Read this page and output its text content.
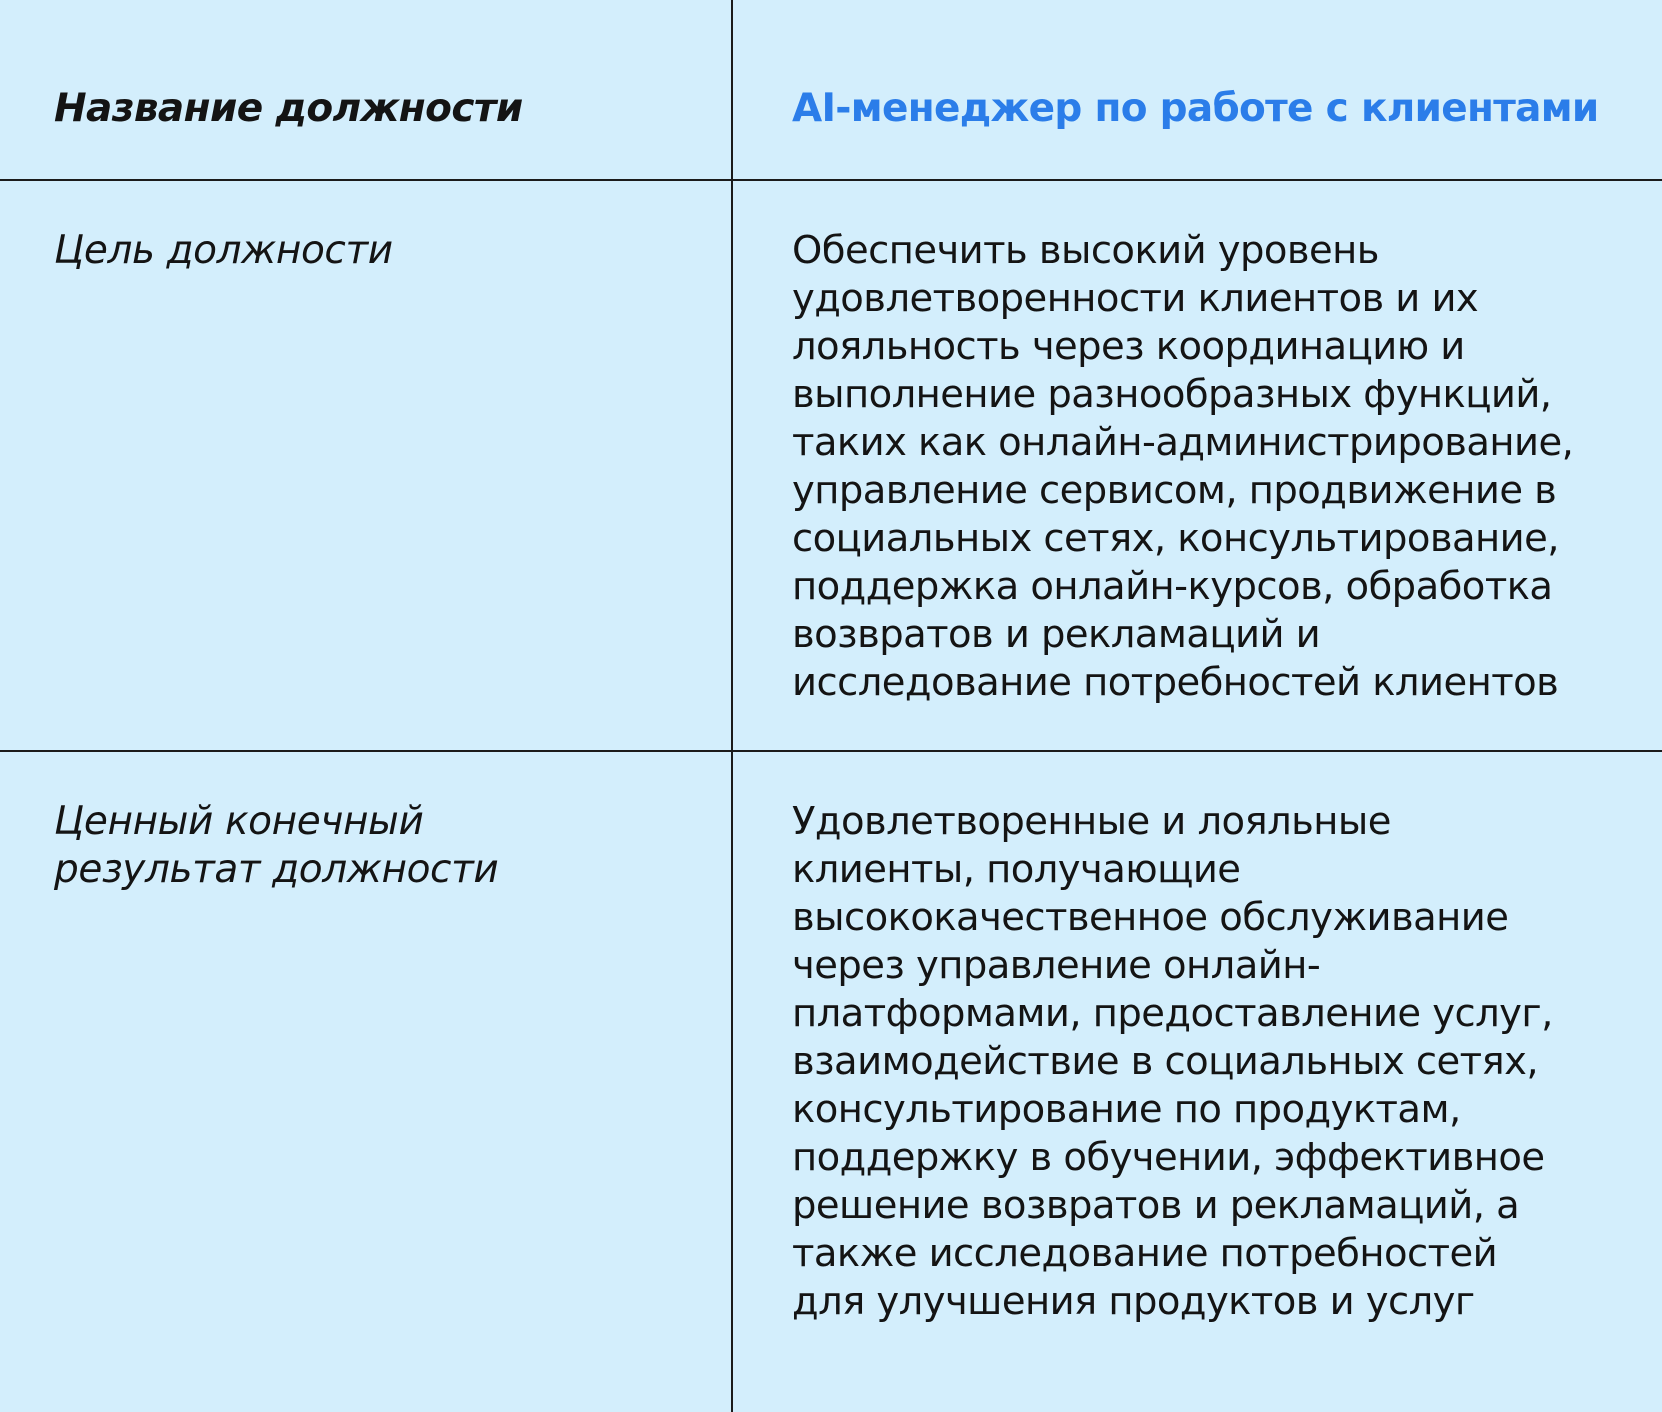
Название должности	AI-менеджер по работе с клиентами
Цель должности	Обеспечить высокий уровень
удовлетворенности клиентов и их
лояльность через координацию и
выполнение разнообразных функций,
таких как онлайн-администрирование,
управление сервисом, продвижение в
социальных сетях, консультирование,
поддержка онлайн-курсов, обработка
возвратов и рекламаций и
исследование потребностей клиентов
Ценный конечный
результат должности
Удовлетворенные и лояльные
клиенты, получающие
высококачественное обслуживание
через управление онлайн-
платформами, предоставление услуг,
взаимодействие в социальных сетях,
консультирование по продуктам,
поддержку в обучении, эффективное
решение возвратов и рекламаций, а
также исследование потребностей
для улучшения продуктов и услуг
